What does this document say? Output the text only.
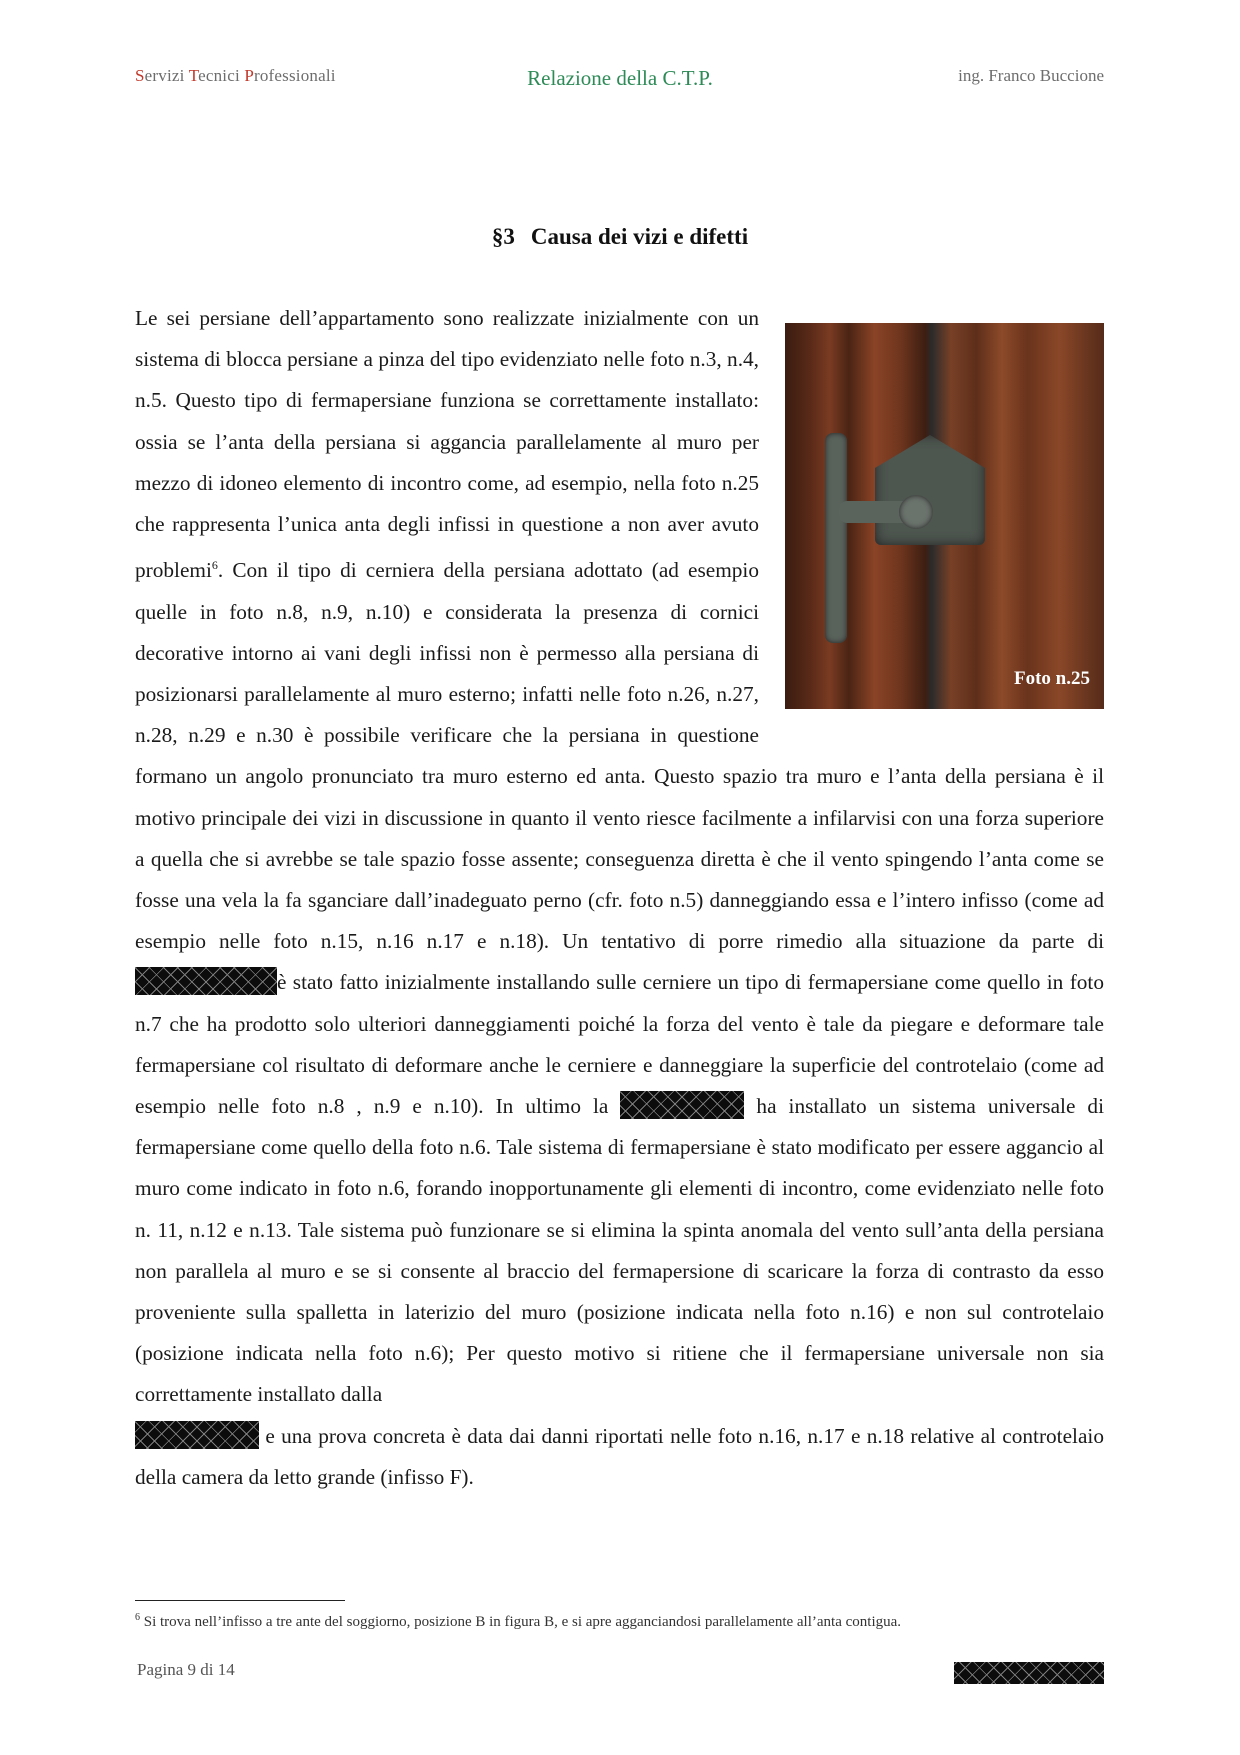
Servizi Tecnici Professionali	Relazione della C.T.P.	ing. Franco Buccione
§3 Causa dei vizi e difetti
Foto n.25
Le sei persiane dell’appartamento sono realizzate inizialmente con un sistema di blocca persiane a pinza del tipo evidenziato nelle foto n.3, n.4, n.5. Questo tipo di fermapersiane funziona se correttamente installato: ossia se l’anta della persiana si aggancia parallelamente al muro per mezzo di idoneo elemento di incontro come, ad esempio, nella foto n.25 che rappresenta l’unica anta degli infissi in questione a non aver avuto problemi$^6$. Con il tipo di cerniera della persiana adottato (ad esempio quelle in foto n.8, n.9, n.10) e considerata la presenza di cornici decorative intorno ai vani degli infissi non è permesso alla persiana di posizionarsi parallelamente al muro esterno; infatti nelle foto n.26, n.27, n.28, n.29 e n.30 è possibile verificare che la persiana in questione formano un angolo pronunciato tra muro esterno ed anta. Questo spazio tra muro e l’anta della persiana è il motivo principale dei vizi in discussione in quanto il vento riesce facilmente a infilarvisi con una forza superiore a quella che si avrebbe se tale spazio fosse assente; conseguenza diretta è che il vento spingendo l’anta come se fosse una vela la fa sganciare dall’inadeguato perno (cfr. foto n.5) danneggiando essa e l’intero infisso (come ad esempio nelle foto n.15, n.16 n.17 e n.18). Un tentativo di porre rimedio alla situazione da parte di è stato fatto inizialmente installando sulle cerniere un tipo di fermapersiane come quello in foto n.7 che ha prodotto solo ulteriori danneggiamenti poiché la forza del vento è tale da piegare e deformare tale fermapersiane col risultato di deformare anche le cerniere e danneggiare la superficie del controtelaio (come ad esempio nelle foto n.8 , n.9 e n.10). In ultimo la	ha installato un sistema universale di fermapersiane come quello della foto n.6. Tale sistema di fermapersiane è stato modificato per essere aggancio al muro come indicato in foto n.6, forando inopportunamente gli elementi di incontro, come evidenziato nelle foto n. 11, n.12 e n.13. Tale sistema può funzionare se si elimina la spinta anomala del vento sull’anta della persiana non parallela al muro e se si consente al braccio del fermapersione di scaricare la forza di contrasto da esso proveniente sulla spalletta in laterizio del muro (posizione indicata nella foto n.16) e non sul controtelaio (posizione indicata nella foto n.6); Per questo motivo si ritiene che il fermapersiane universale non sia correttamente installato dalla
e una prova concreta è data dai danni riportati nelle foto n.16, n.17 e n.18 relative al controtelaio della camera da letto grande (infisso F).
$^6$ Si trova nell’infisso a tre ante del soggiorno, posizione B in figura B, e si apre agganciandosi parallelamente all’anta contigua.
Pagina 9 di 14
